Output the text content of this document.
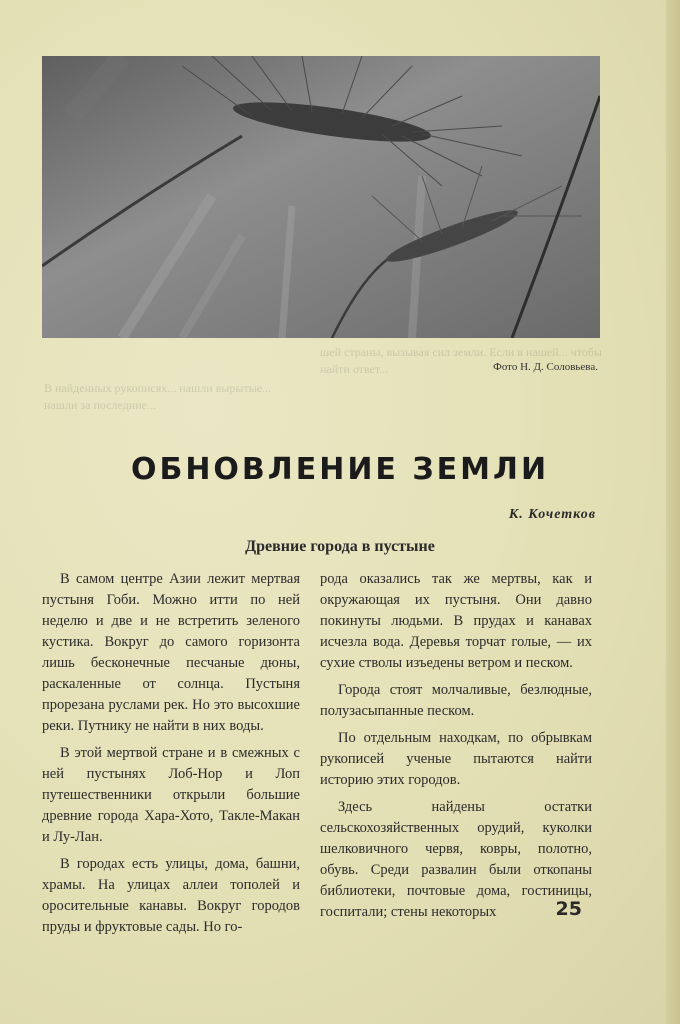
шей страны, вызывая сил земли. Если в нашей... чтобы найти ответ...
В найденных рукописях... нашли вырытые... нашли за последние...
Фото Н. Д. Соловьева.
ОБНОВЛЕНИЕ ЗЕМЛИ
К. Кочетков
Древние города в пустыне

В самом центре Азии лежит мертвая пустыня Гоби. Можно итти по ней неделю и две и не встретить зеленого кустика. Вокруг до самого горизонта лишь бесконечные песчаные дюны, раскаленные от солнца. Пустыня прорезана руслами рек. Но это высохшие реки. Путнику не найти в них воды.

В этой мертвой стране и в смежных с ней пустынях Лоб-Нор и Лоп путешественники открыли большие древние города Хара-Хото, Такле-Макан и Лу-Лан.

В городах есть улицы, дома, башни, храмы. На улицах аллеи тополей и оросительные канавы. Вокруг городов пруды и фруктовые сады. Но го-

рода оказались так же мертвы, как и окружающая их пустыня. Они давно покинуты людьми. В прудах и канавах исчезла вода. Деревья торчат голые, — их сухие стволы изъедены ветром и песком.

Города стоят молчаливые, безлюдные, полузасыпанные песком.

По отдельным находкам, по обрывкам рукописей ученые пытаются найти историю этих городов.

Здесь найдены остатки сельскохозяйственных орудий, куколки шелковичного червя, ковры, полотно, обувь. Среди развалин были откопаны библиотеки, почтовые дома, гостиницы, госпитали; стены некоторых	25
